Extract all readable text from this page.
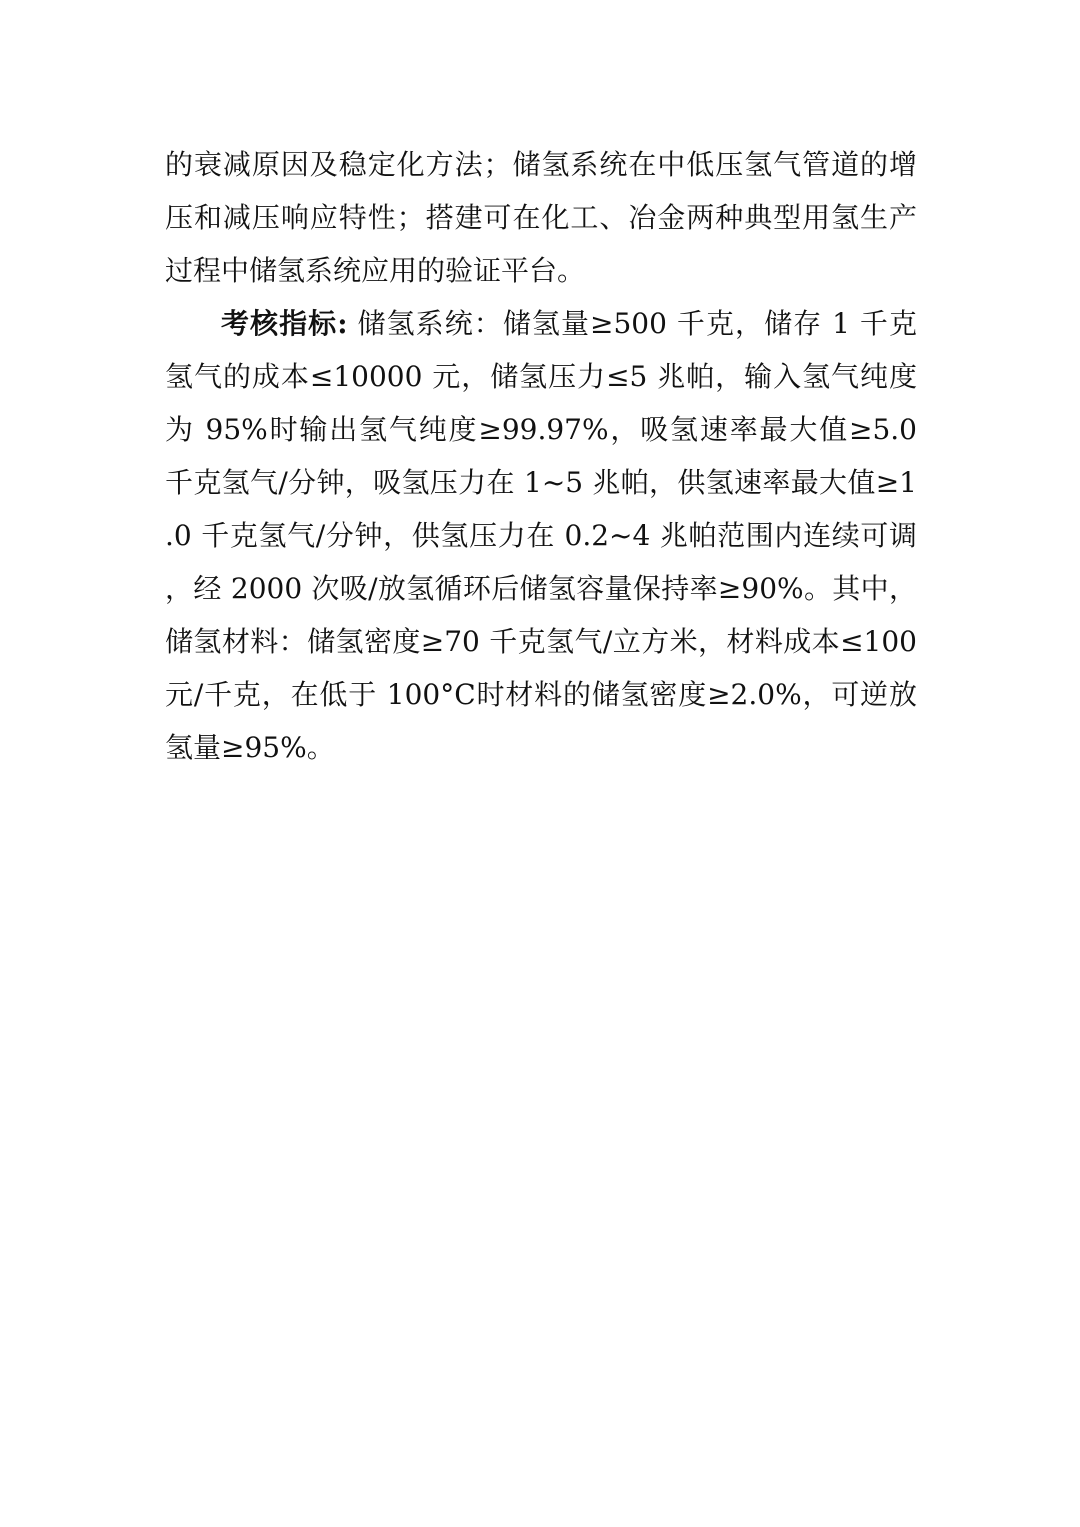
的衰减原因及稳定化方法；储氢系统在中低压氢气管道的增压和减压响应特性；搭建可在化工、冶金两种典型用氢生产过程中储氢系统应用的验证平台。

考核指标: 储氢系统：储氢量≥500 千克，储存 1 千克氢气的成本≤10000 元，储氢压力≤5 兆帕，输入氢气纯度为 95%时输出氢气纯度≥99.97%，吸氢速率最大值≥5.0 千克氢气/分钟，吸氢压力在 1~5 兆帕，供氢速率最大值≥1.0 千克氢气/分钟，供氢压力在 0.2~4 兆帕范围内连续可调，经 2000 次吸/放氢循环后储氢容量保持率≥90%。其中，储氢材料：储氢密度≥70 千克氢气/立方米，材料成本≤100 元/千克，在低于 100°C时材料的储氢密度≥2.0%，可逆放氢量≥95%。
